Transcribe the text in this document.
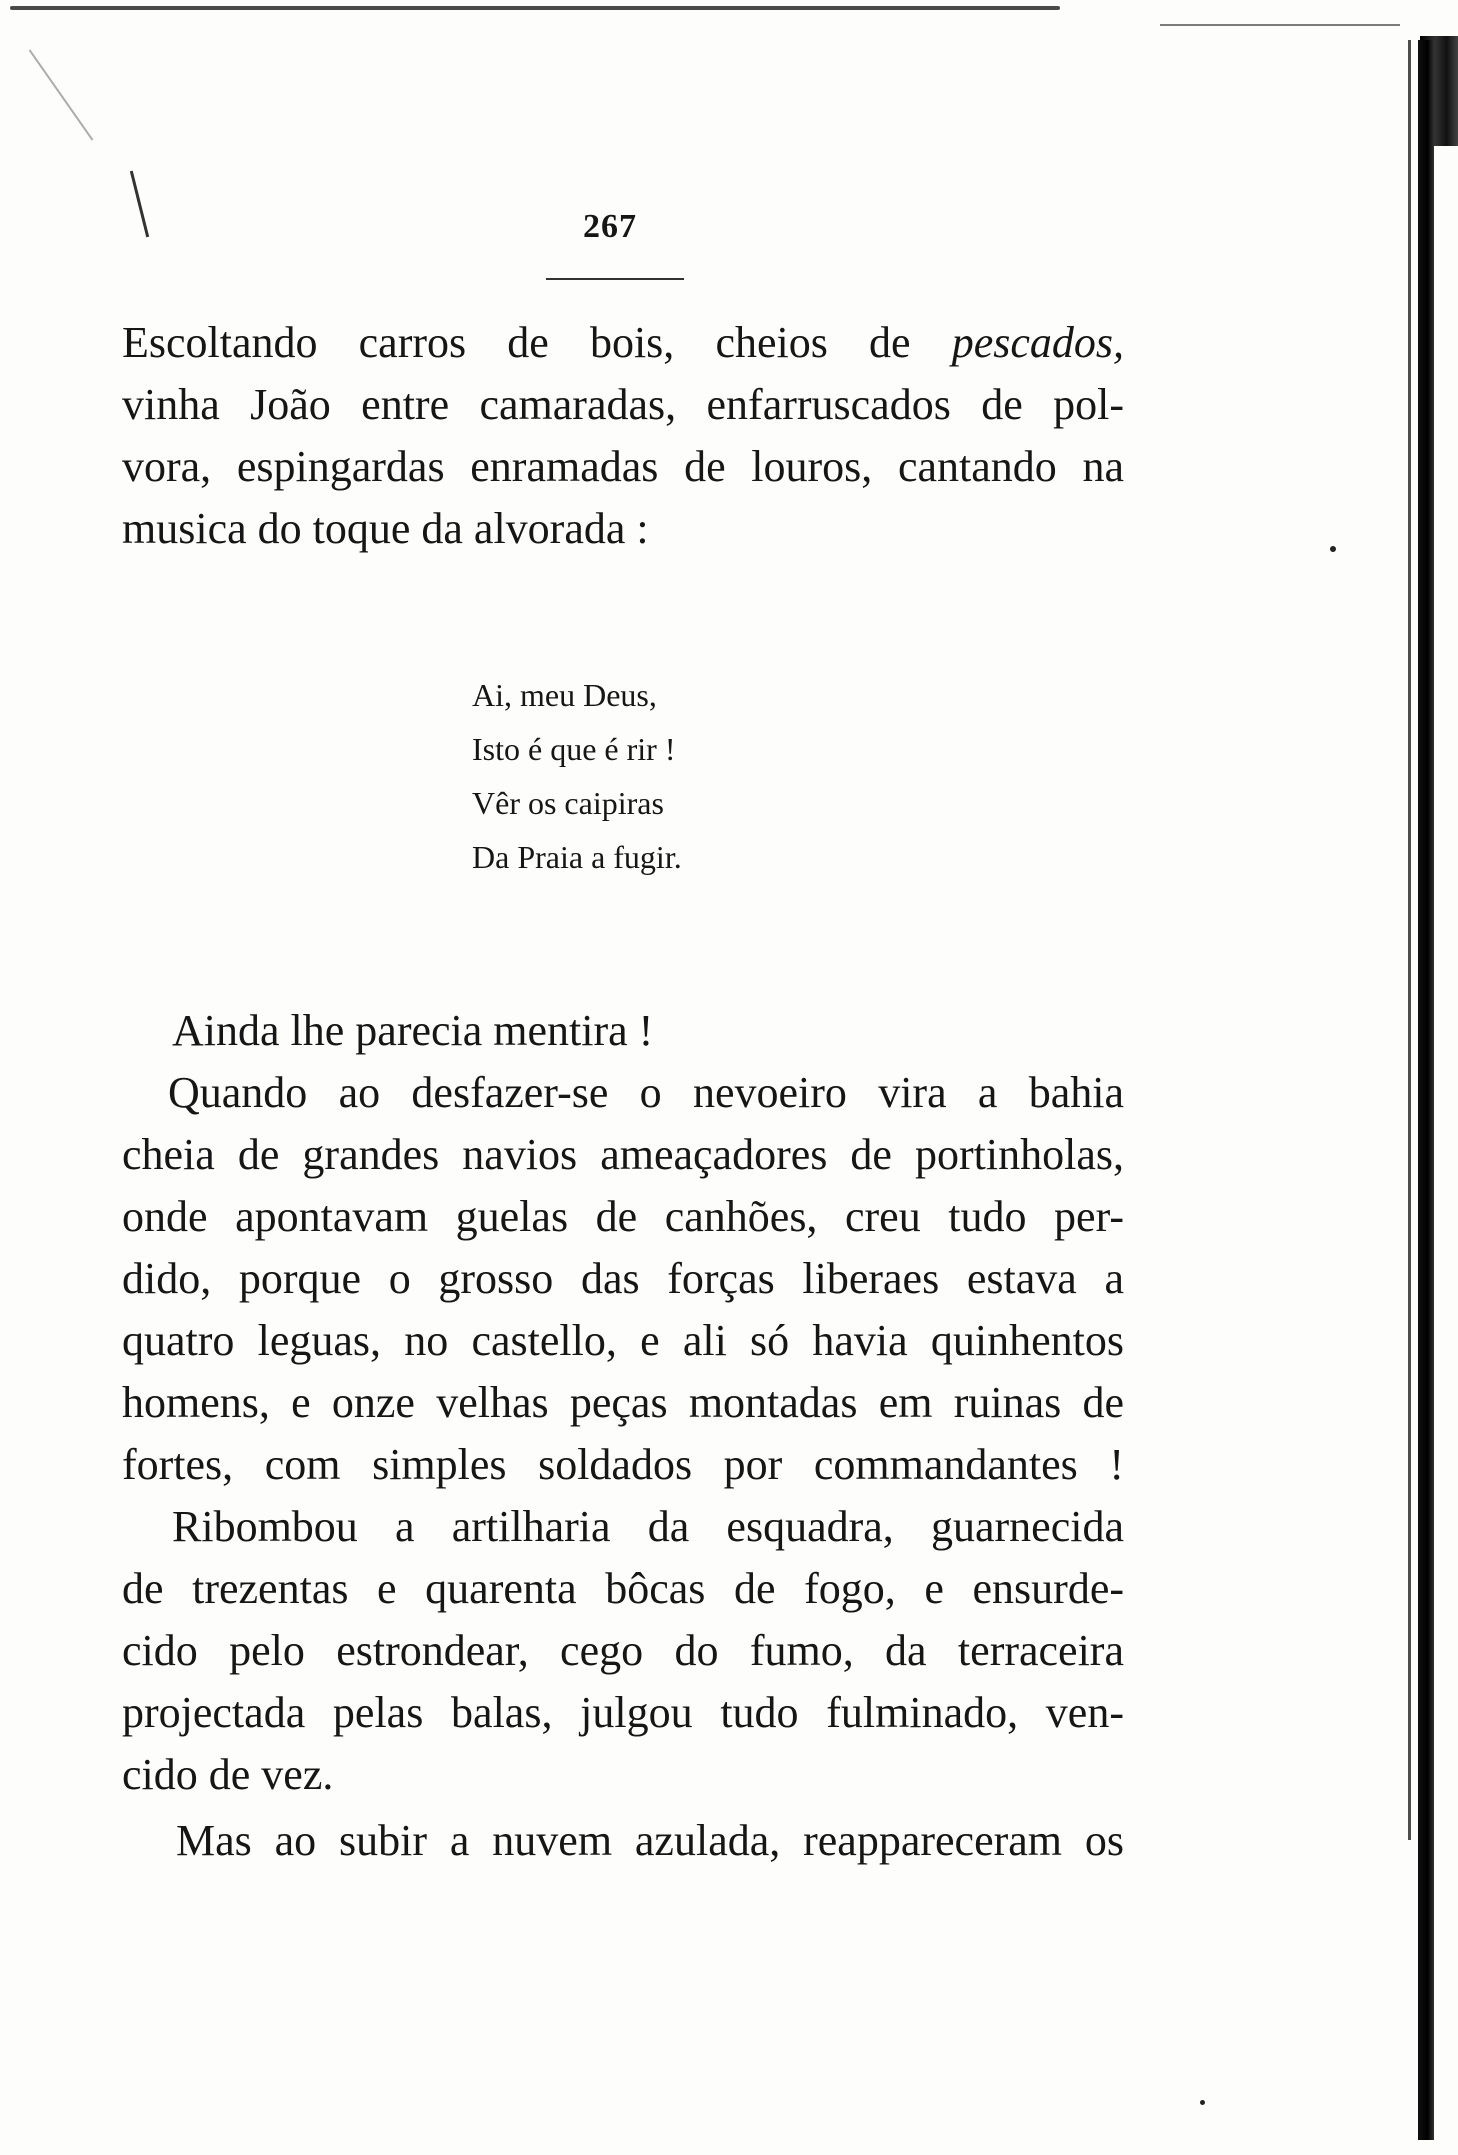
267
Escoltando carros de bois, cheios de pescados,
vinha João entre camaradas, enfarruscados de pol-
vora, espingardas enramadas de louros, cantando na
musica do toque da alvorada :
Ai, meu Deus,
Isto é que é rir !
Vêr os caipiras
Da Praia a fugir.
Ainda lhe parecia mentira !
Quando ao desfazer-se o nevoeiro vira a bahia
cheia de grandes navios ameaçadores de portinholas,
onde apontavam guelas de canhões, creu tudo per-
dido, porque o grosso das forças liberaes estava a
quatro leguas, no castello, e ali só havia quinhentos
homens, e onze velhas peças montadas em ruinas de
fortes, com simples soldados por commandantes !
Ribombou a artilharia da esquadra, guarnecida
de trezentas e quarenta bôcas de fogo, e ensurde-
cido pelo estrondear, cego do fumo, da terraceira
projectada pelas balas, julgou tudo fulminado, ven-
cido de vez.
Mas ao subir a nuvem azulada, reappareceram os
